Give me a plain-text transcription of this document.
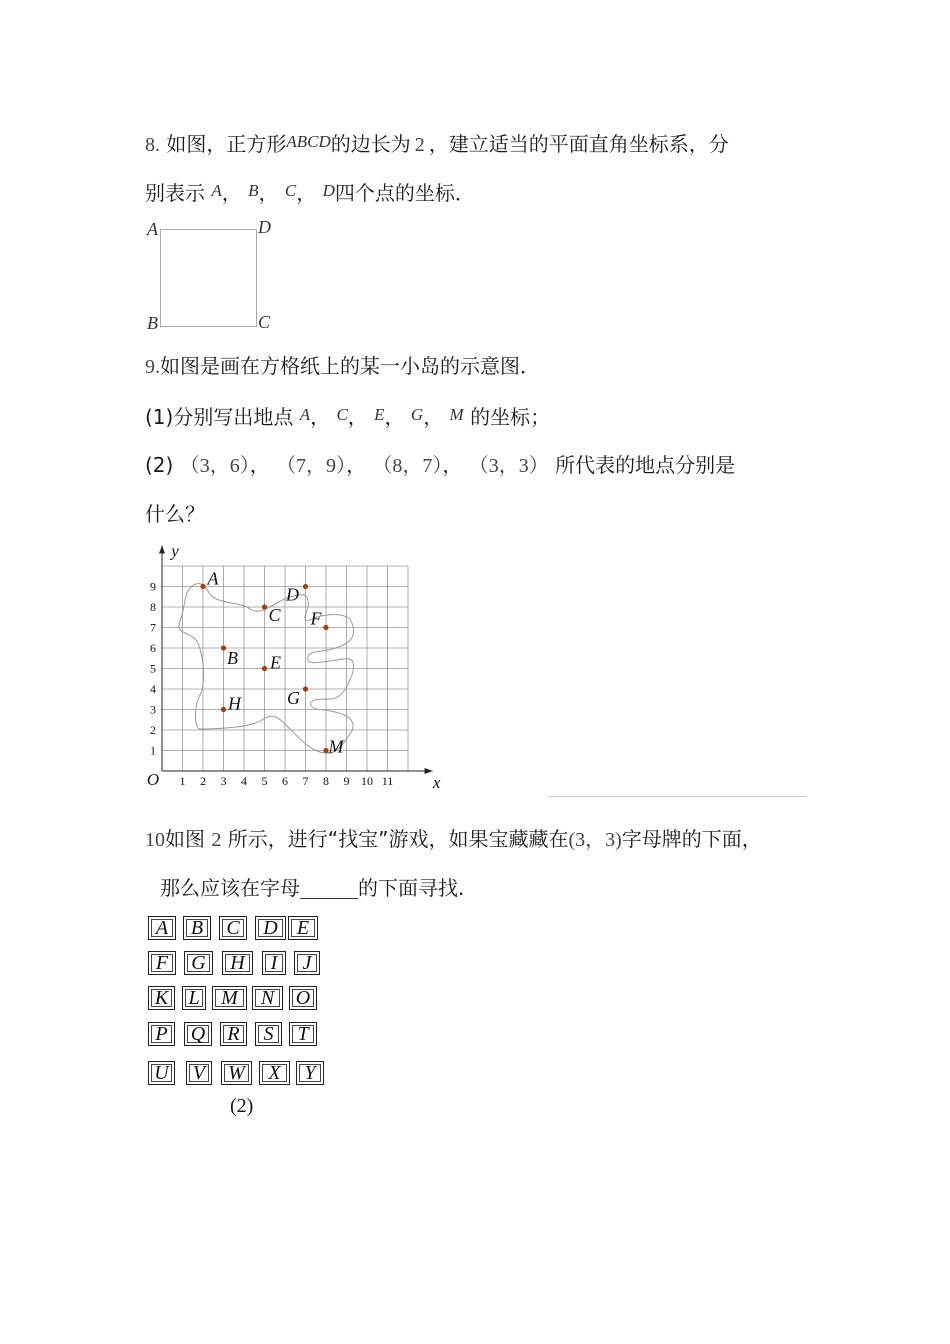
8. 如图，正方形$^{ABCD}$的边长为 2 ，建立适当的平面直角坐标系，分
别表示 $^A$， $^B$， $^C$， $^D$四个点的坐标．
A	D
B	C
9.如图是画在方格纸上的某一小岛的示意图．
(1)分别写出地点 $^A$， $^C$， $^E$， $^G$， $^M$ 的坐标；
(2) （3，6）， （7，9）， （8，7）， （3，3） 所代表的地点分别是
什么？
1 2 3 4 5 6 7 8 9 10 11
1
2
3
4
5
6
7
8
9
O	x
y
A
D
C F
B E
G
H
M
10如图 2 所示，进行“找宝”游戏，如果宝藏藏在(3，3)字母牌的下面，
那么应该在字母	的下面寻找.
A	B	C	D E
F	G	H	I	J
K	L	M	N	O
P	Q	R	S	T
U	V	W	X	Y
(2)
